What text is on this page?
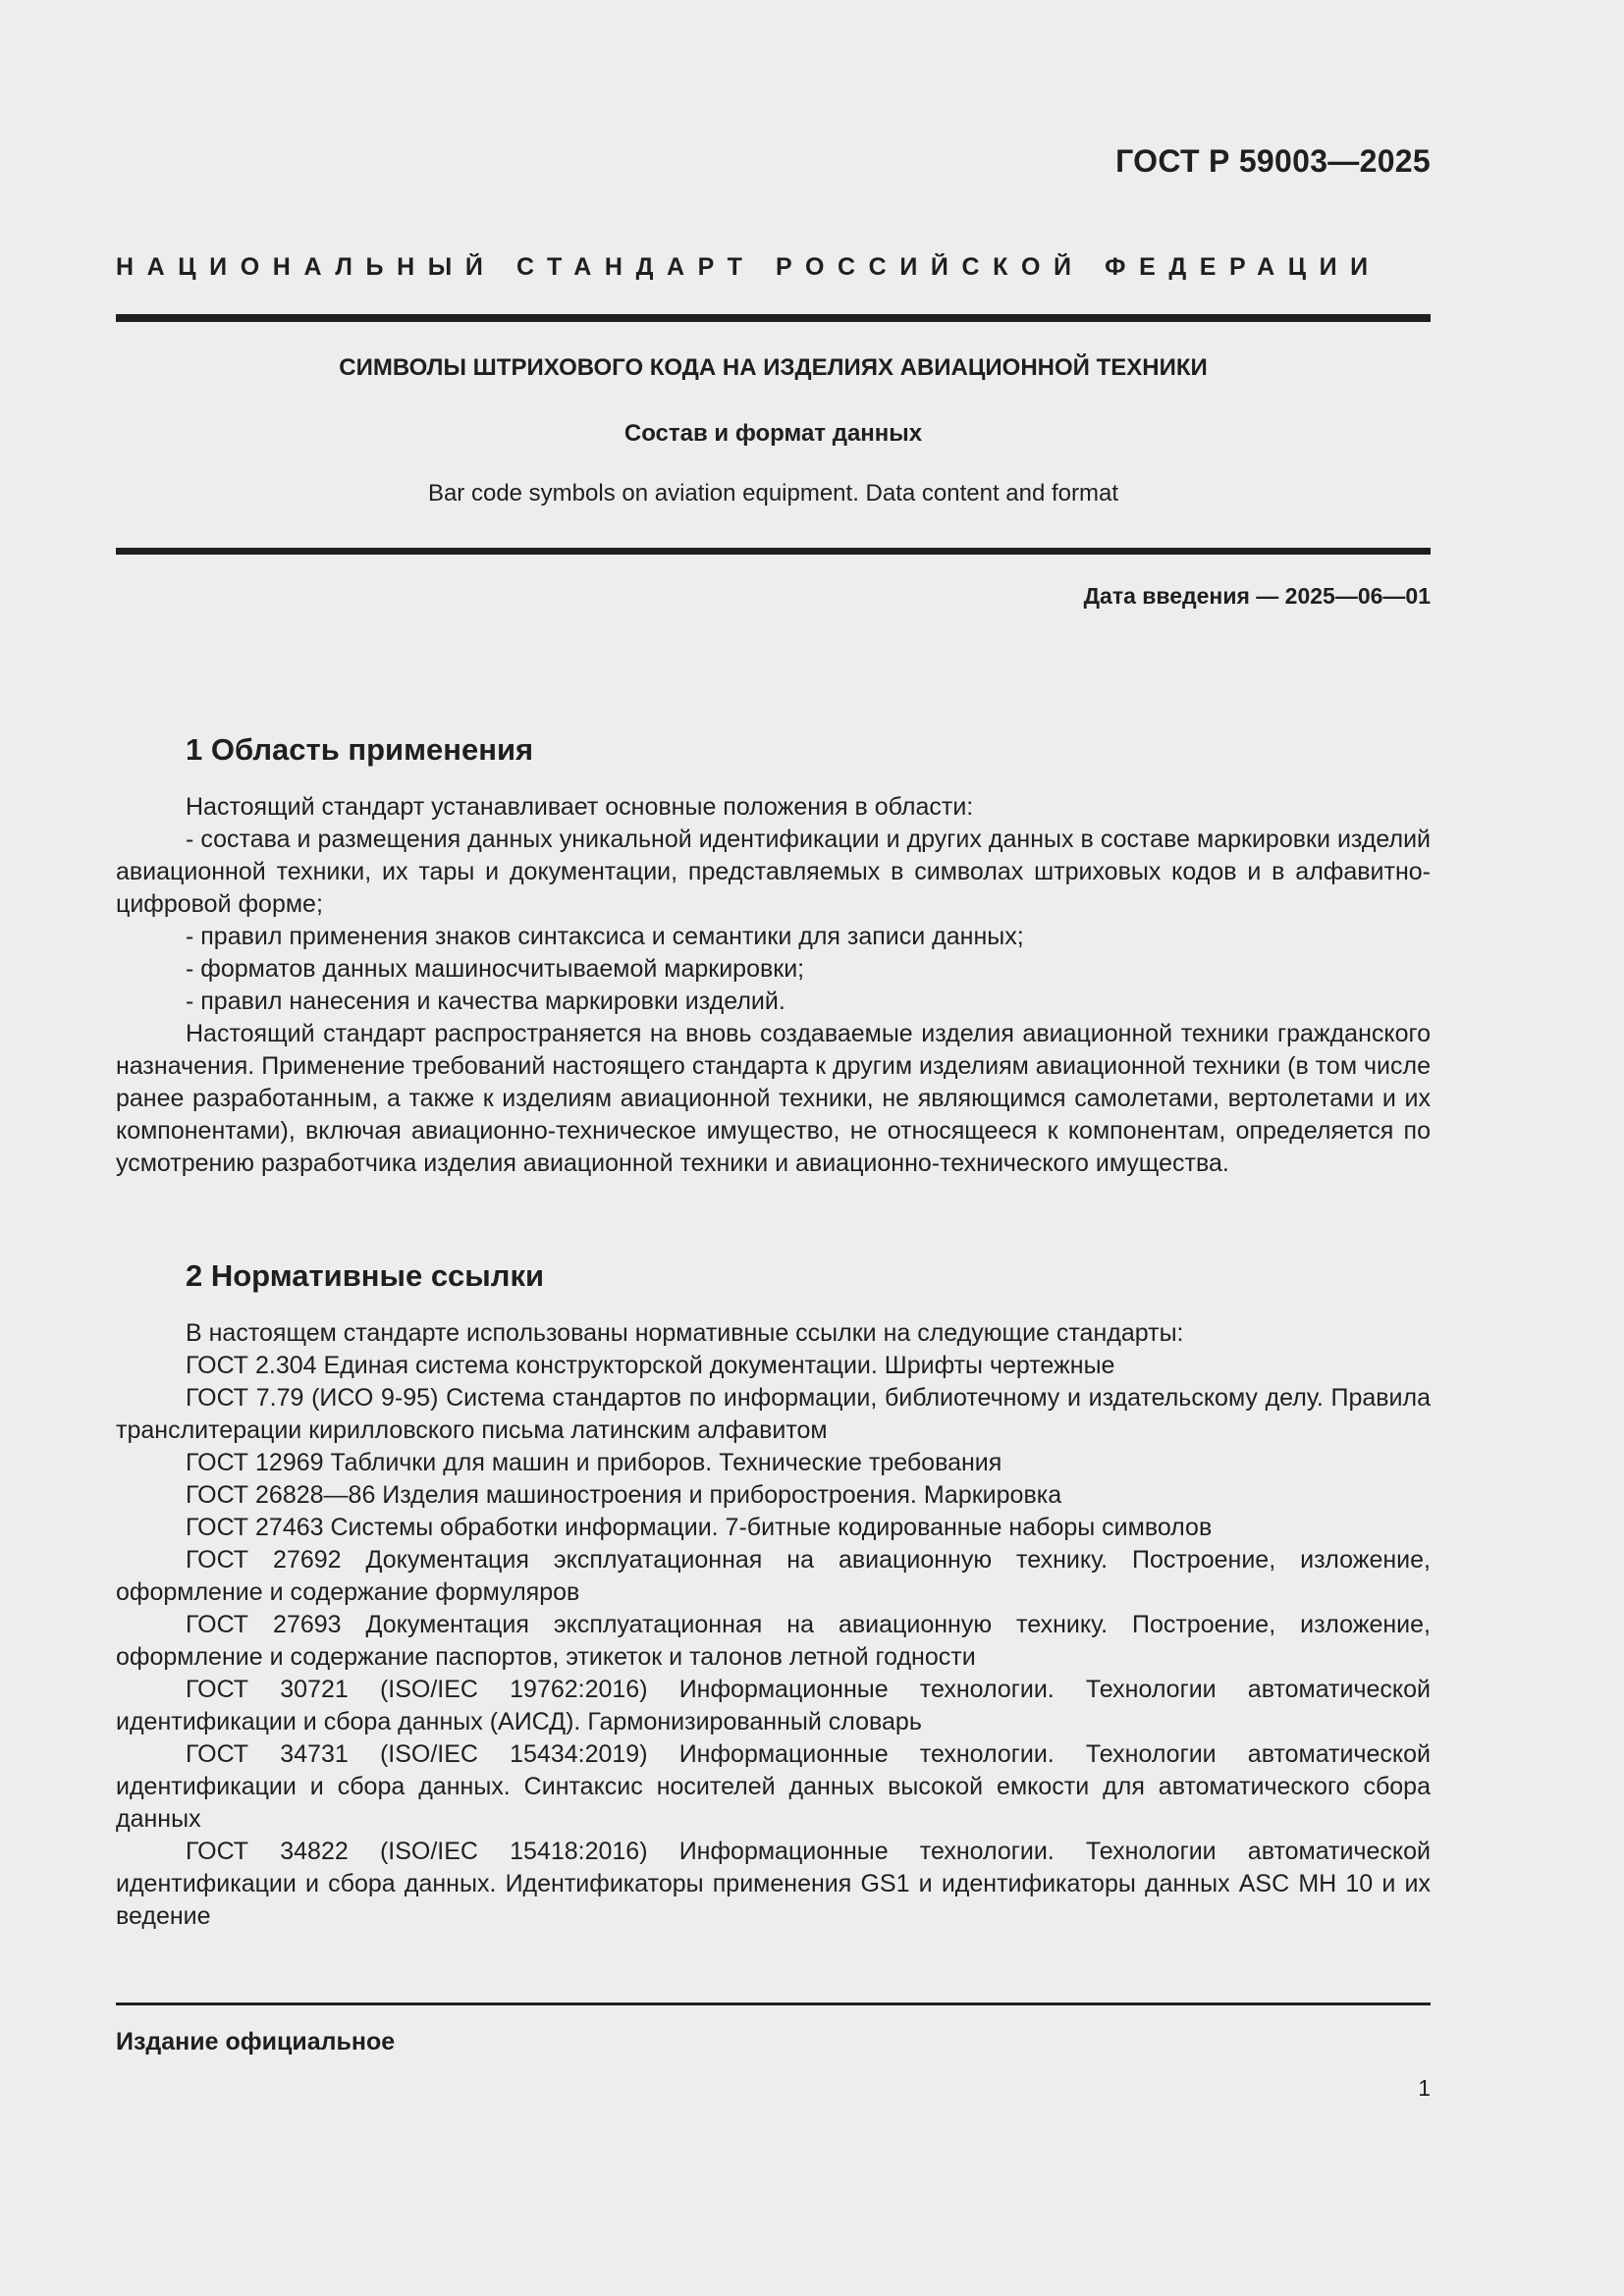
ГОСТ Р 59003—2025

НАЦИОНАЛЬНЫЙ СТАНДАРТ РОССИЙСКОЙ ФЕДЕРАЦИИ

СИМВОЛЫ ШТРИХОВОГО КОДА НА ИЗДЕЛИЯХ АВИАЦИОННОЙ ТЕХНИКИ

Состав и формат данных

Bar code symbols on aviation equipment. Data content and format

Дата введения — 2025—06—01

1 Область применения

Настоящий стандарт устанавливает основные положения в области:

- состава и размещения данных уникальной идентификации и других данных в составе маркировки изделий авиационной техники, их тары и документации, представляемых в символах штриховых кодов и в алфавитно-цифровой форме;

- правил применения знаков синтаксиса и семантики для записи данных;

- форматов данных машиносчитываемой маркировки;

- правил нанесения и качества маркировки изделий.

Настоящий стандарт распространяется на вновь создаваемые изделия авиационной техники гражданского назначения. Применение требований настоящего стандарта к другим изделиям авиационной техники (в том числе ранее разработанным, а также к изделиям авиационной техники, не являющимся самолетами, вертолетами и их компонентами), включая авиационно-техническое имущество, не относящееся к компонентам, определяется по усмотрению разработчика изделия авиационной техники и авиационно-технического имущества.

2 Нормативные ссылки

В настоящем стандарте использованы нормативные ссылки на следующие стандарты:

ГОСТ 2.304 Единая система конструкторской документации. Шрифты чертежные

ГОСТ 7.79 (ИСО 9-95) Система стандартов по информации, библиотечному и издательскому делу. Правила транслитерации кирилловского письма латинским алфавитом

ГОСТ 12969 Таблички для машин и приборов. Технические требования

ГОСТ 26828—86 Изделия машиностроения и приборостроения. Маркировка

ГОСТ 27463 Системы обработки информации. 7-битные кодированные наборы символов

ГОСТ 27692 Документация эксплуатационная на авиационную технику. Построение, изложение, оформление и содержание формуляров

ГОСТ 27693 Документация эксплуатационная на авиационную технику. Построение, изложение, оформление и содержание паспортов, этикеток и талонов летной годности

ГОСТ 30721 (ISO/IEC 19762:2016) Информационные технологии. Технологии автоматической идентификации и сбора данных (АИСД). Гармонизированный словарь

ГОСТ 34731 (ISO/IEC 15434:2019) Информационные технологии. Технологии автоматической идентификации и сбора данных. Синтаксис носителей данных высокой емкости для автоматического сбора данных

ГОСТ 34822 (ISO/IEC 15418:2016) Информационные технологии. Технологии автоматической идентификации и сбора данных. Идентификаторы применения GS1 и идентификаторы данных ASC MH 10 и их ведение

Издание официальное

1
